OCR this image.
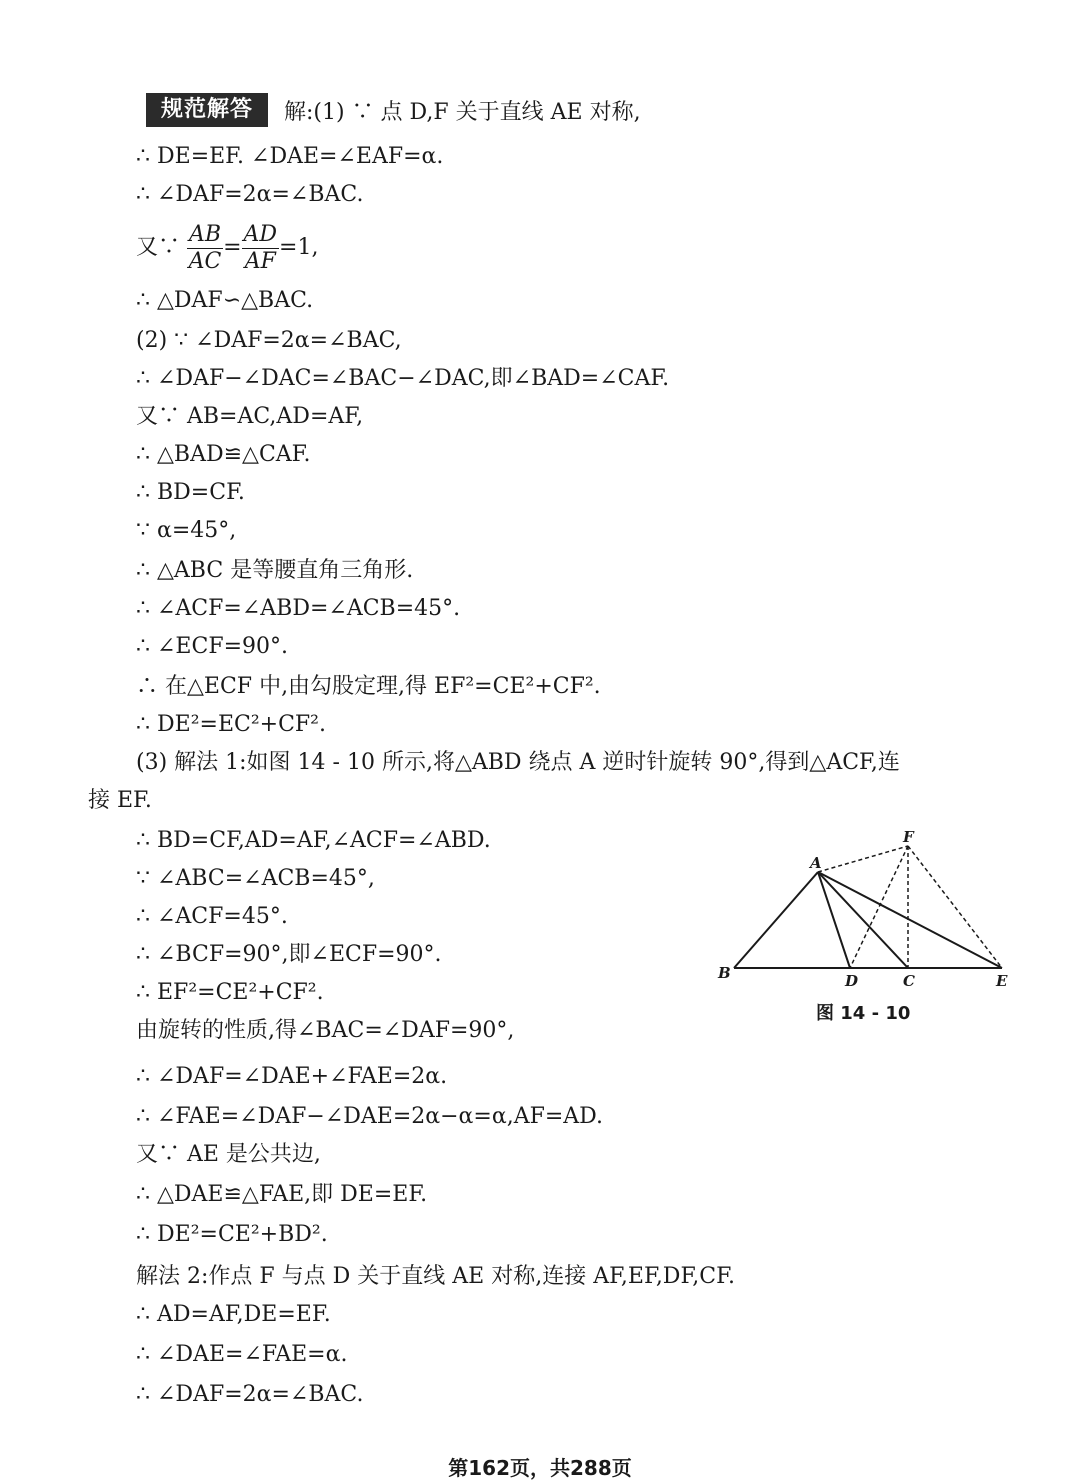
规范解答	解:(1) ∵ 点 D,F 关于直线 AE 对称,
∴ DE=EF. ∠DAE=∠EAF=α.
∴ ∠DAF=2α=∠BAC.
又∵ $\frac{AB}{AC} = \frac{AD}{AF} =1$,
∴ △DAF∽△BAC.
(2) ∵ ∠DAF=2α=∠BAC,
∴ ∠DAF−∠DAC=∠BAC−∠DAC,即∠BAD=∠CAF.
又∵ AB=AC,AD=AF,
∴ △BAD≌△CAF.
∴ BD=CF.
∵ α=45°,
∴ △ABC 是等腰直角三角形.
∴ ∠ACF=∠ABD=∠ACB=45°.
∴ ∠ECF=90°.
∴ 在△ECF 中,由勾股定理,得 EF²=CE²+CF².
∴ DE²=EC²+CF².
(3) 解法 1:如图 14 - 10 所示,将△ABD 绕点 A 逆时针旋转 90°,得到△ACF,连
接 EF.
∴ BD=CF,AD=AF,∠ACF=∠ABD.
∵ ∠ABC=∠ACB=45°,
∴ ∠ACF=45°.
∴ ∠BCF=90°,即∠ECF=90°.
∴ EF²=CE²+CF².
由旋转的性质,得∠BAC=∠DAF=90°,
∴ ∠DAF=∠DAE+∠FAE=2α.
∴ ∠FAE=∠DAF−∠DAE=2α−α=α,AF=AD.
又∵ AE 是公共边,
∴ △DAE≌△FAE,即 DE=EF.
∴ DE²=CE²+BD².
解法 2:作点 F 与点 D 关于直线 AE 对称,连接 AF,EF,DF,CF.
∴ AD=AF,DE=EF.
∴ ∠DAE=∠FAE=α.
∴ ∠DAF=2α=∠BAC.
A
B	C
D	E
F
图 14 - 10
第162页，共288页
